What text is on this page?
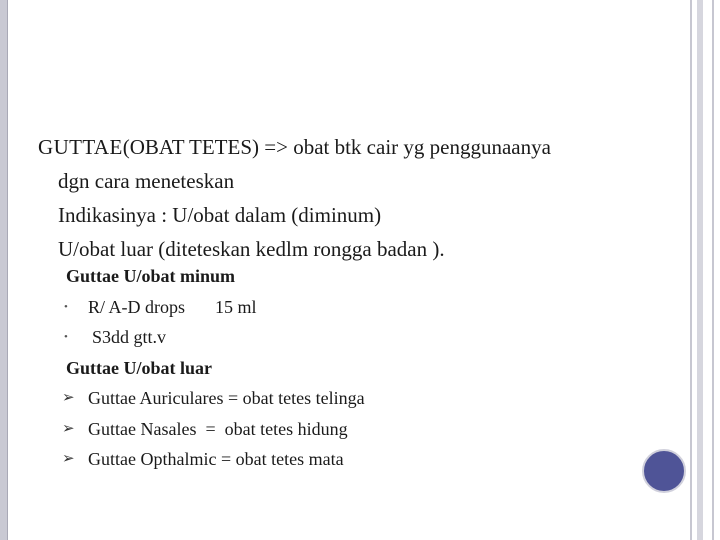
GUTTAE(OBAT TETES) => obat btk cair yg penggunaanya
dgn cara meneteskan
Indikasinya : U/obat dalam (diminum)
U/obat luar (diteteskan kedlm rongga badan ).
Guttae U/obat minum
• R/ A-D drops 15 ml
• S3dd gtt.v
Guttae U/obat luar
➢ Guttae Auriculares = obat tetes telinga
➢ Guttae Nasales  =  obat tetes hidung
➢ Guttae Opthalmic = obat tetes mata
